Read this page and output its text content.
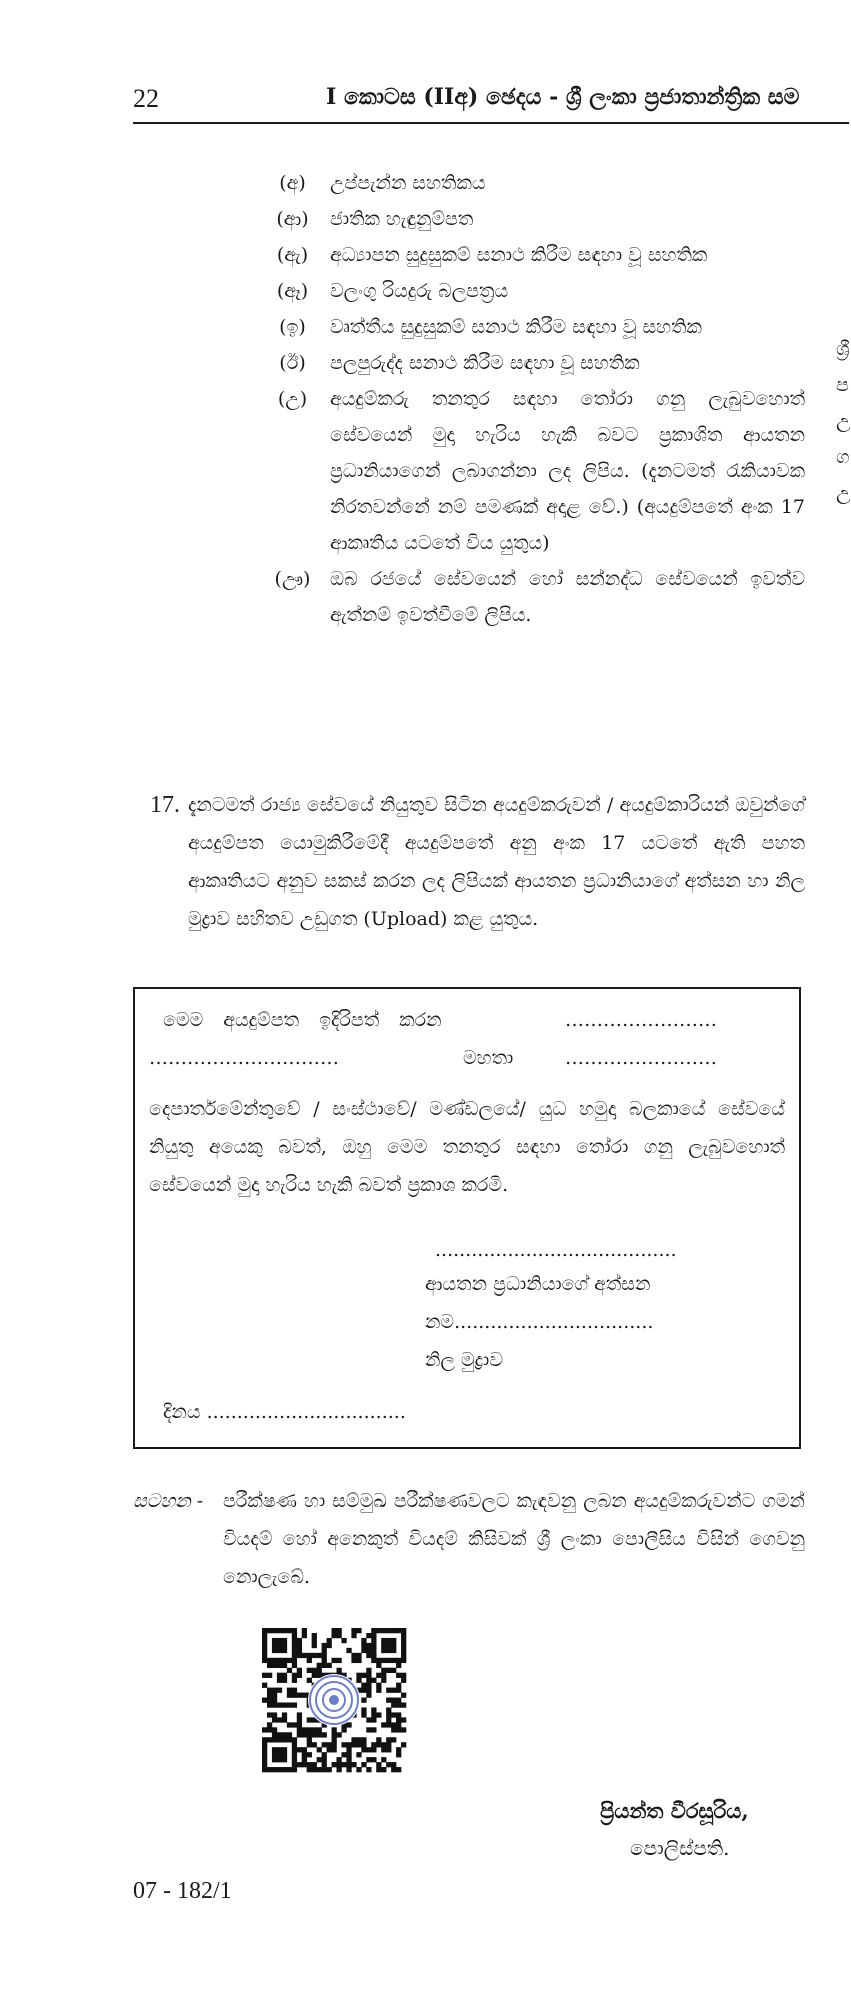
22	I කොටස (IIඅ) ඡෙදය - ශ්‍රී ලංකා ප්‍රජාතාන්ත්‍රික සම
(අ)	උප්පැන්න සහතිකය
(ආ)	ජාතික හැඳුනුම්පත
(ඇ)	අධ්‍යාපන සුදුසුකම් සනාථ කිරීම සඳහා වූ සහතික
(ඈ)	වලංගු රියදුරු බලපත්‍රය
(ඉ)	වෘත්තීය සුදුසුකම් සනාථ කිරීම සඳහා වූ සහතික
(ඊ)	පලපුරුද්ද සනාථ කිරීම සඳහා වූ සහතික
(උ)	අයදුම්කරු තනතුර සඳහා තෝරා ගනු ලැබුවහොත් සේවයෙන් මුදා හැරිය හැකි බවට ප්‍රකාශිත ආයතන ප්‍රධානියාගෙන් ලබාගන්නා ලද ලිපිය. (දැනටමත් රැකියාවක නිරතවන්නේ නම් පමණක් අදාළ වේ.) (අයදුම්පතේ අංක 17 ආකෘතිය යටතේ විය යුතුය)
(ඌ)	ඔබ රජයේ සේවයෙන් හෝ සන්නද්ධ සේවයෙන් ඉවත්ව ඇත්නම් ඉවත්වීමේ ලිපිය.
ශ්‍රී
ප
උ
ග
උ
17. දැනටමත් රාජ්‍ය සේවයේ නියුතුව සිටින අයදුම්කරුවන් / අයදුම්කාරියන් ඔවුන්ගේ අයදුම්පත යොමුකිරීමේදී අයදුම්පතේ අනු අංක 17 යටතේ ඇති පහත ආකෘතියට අනුව සකස් කරන ලද ලිපියක් ආයතන ප්‍රධානියාගේ අත්සන හා නිල මුද්‍රාව සහිතව උඩුගත (Upload) කළ යුතුය.
මෙම අයදුම්පත ඉදිරිපත් කරන	……………………
…………………………	මහතා	……………………
දෙපාර්තමේන්තුවේ / සංස්ථාවේ/ මණ්ඩලයේ/ යුධ හමුදා බලකායේ සේවයේ නියුතු අයෙකු බවත්, ඔහු මෙම තනතුර සඳහා තෝරා ගනු ලැබුවහොත් සේවයෙන් මුදා හැරිය හැකි බවත් ප්‍රකාශ කරමි.
........................................
ආයතන ප්‍රධානියාගේ අත්සන
නම.................................
නිල මුද්‍රාව
දිනය .................................
සටහන - පරීක්ෂණ හා සම්මුඛ පරීක්ෂණවලට කැඳවනු ලබන අයදුම්කරුවන්ට ගමන් වියදම් හෝ අනෙකුත් වියදම් කිසිවක් ශ්‍රී ලංකා පොලීසිය විසින් ගෙවනු නොලැබේ.
ප්‍රියන්ත වීරසූරිය,
පොලිස්පති.
07 - 182/1
